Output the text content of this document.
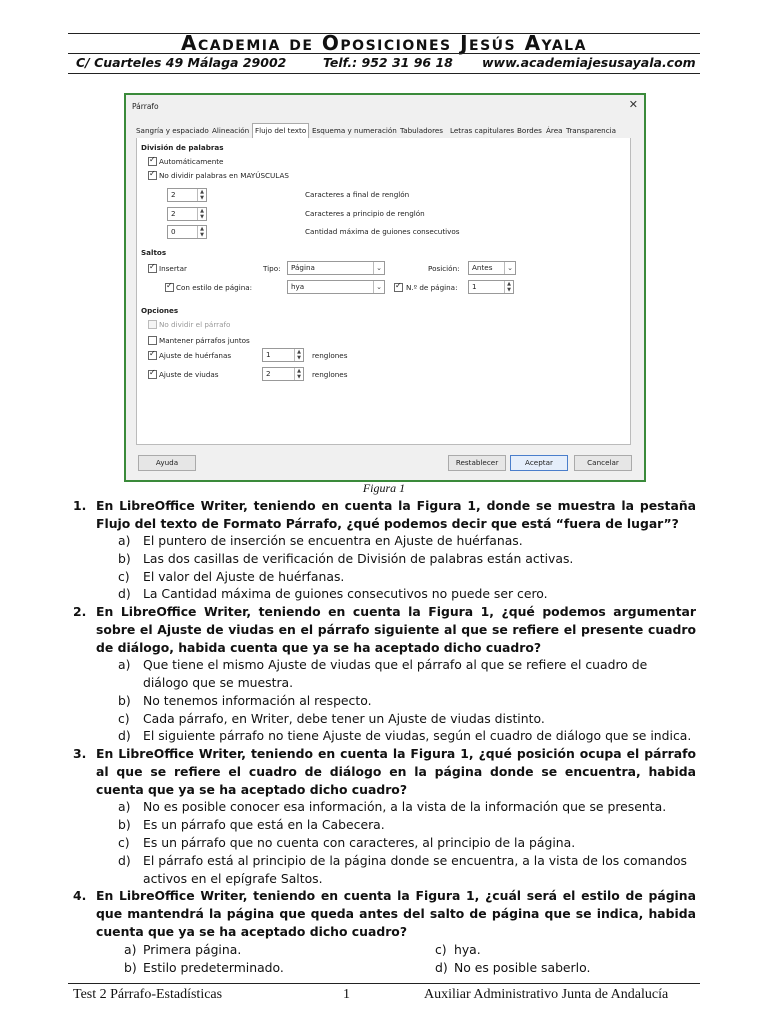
Academia de Oposiciones Jesús Ayala
C/ Cuarteles 49 Málaga 29002	Telf.: 952 31 96 18 www.academiajesusayala.com
Párrafo	✕
Sangría y espaciado Alineación Flujo del texto Esquema y numeración Tabuladores Letras capitulares Bordes Área Transparencia
División de palabras
✓
Automáticamente
✓
No dividir palabras en MAYÚSCULAS
2	▲
▼	Caracteres a final de renglón
2	▲
▼	Caracteres a principio de renglón
0	▲
▼	Cantidad máxima de guiones consecutivos
Saltos
✓
Insertar	Tipo: Página	⌄	Posición: Antes	⌄
✓
Con estilo de página:	hya	⌄
✓	N.º de página: 1	▲
▼
Opciones
No dividir el párrafo
Mantener párrafos juntos
✓
Ajuste de huérfanas	1	▲
▼ renglones
✓
Ajuste de viudas	2	▲
▼ renglones
Ayuda	Restablecer	Aceptar	Cancelar
Figura 1
1. En LibreOffice Writer, teniendo en cuenta la Figura 1, donde se muestra la pestaña Flujo del texto de Formato Párrafo, ¿qué podemos decir que está “fuera de lugar”?
a) El puntero de inserción se encuentra en Ajuste de huérfanas.
b) Las dos casillas de verificación de División de palabras están activas.
c) El valor del Ajuste de huérfanas.
d) La Cantidad máxima de guiones consecutivos no puede ser cero.
2. En LibreOffice Writer, teniendo en cuenta la Figura 1, ¿qué podemos argumentar sobre el Ajuste de viudas en el párrafo siguiente al que se refiere el presente cuadro de diálogo, habida cuenta que ya se ha aceptado dicho cuadro?
a) Que tiene el mismo Ajuste de viudas que el párrafo al que se refiere el cuadro de diálogo que se muestra.
b) No tenemos información al respecto.
c) Cada párrafo, en Writer, debe tener un Ajuste de viudas distinto.
d) El siguiente párrafo no tiene Ajuste de viudas, según el cuadro de diálogo que se indica.
3. En LibreOffice Writer, teniendo en cuenta la Figura 1, ¿qué posición ocupa el párrafo al que se refiere el cuadro de diálogo en la página donde se encuentra, habida cuenta que ya se ha aceptado dicho cuadro?
a) No es posible conocer esa información, a la vista de la información que se presenta.
b) Es un párrafo que está en la Cabecera.
c) Es un párrafo que no cuenta con caracteres, al principio de la página.
d) El párrafo está al principio de la página donde se encuentra, a la vista de los comandos activos en el epígrafe Saltos.
4. En LibreOffice Writer, teniendo en cuenta la Figura 1, ¿cuál será el estilo de página que mantendrá la página que queda antes del salto de página que se indica, habida cuenta que ya se ha aceptado dicho cuadro?
a) Primera página.
b) Estilo predeterminado.
c) hya.
d) No es posible saberlo.
Test 2 Párrafo-Estadísticas	1	Auxiliar Administrativo Junta de Andalucía
